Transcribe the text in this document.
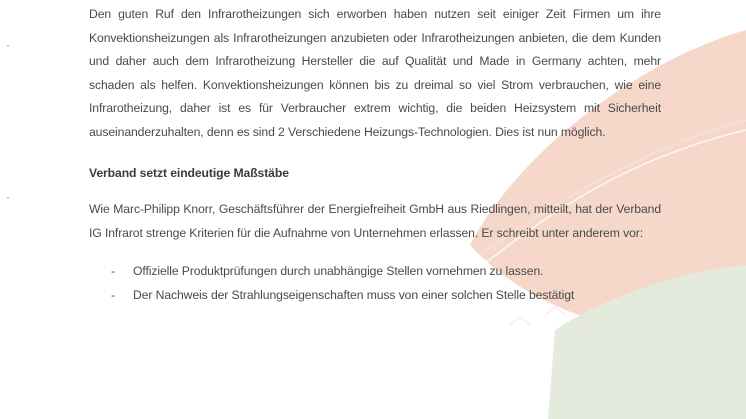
Den guten Ruf den Infrarotheizungen sich erworben haben nutzen seit einiger Zeit Firmen um ihre Konvektionsheizungen als Infrarotheizungen anzubieten oder Infrarotheizungen anbieten, die dem Kunden und daher auch dem Infrarotheizung Hersteller die auf Qualität und Made in Germany achten, mehr schaden als helfen. Konvektionsheizungen können bis zu dreimal so viel Strom verbrauchen, wie eine Infrarotheizung, daher ist es für Verbraucher extrem wichtig, die beiden Heizsystem mit Sicherheit auseinanderzuhalten, denn es sind 2 Verschiedene Heizungs-Technologien. Dies ist nun möglich.

Verband setzt eindeutige Maßstäbe

Wie Marc-Philipp Knorr, Geschäftsführer der Energiefreiheit GmbH aus Riedlingen, mitteilt, hat der Verband IG Infrarot strenge Kriterien für die Aufnahme von Unternehmen erlassen. Er schreibt unter anderem vor:

- Offizielle Produktprüfungen durch unabhängige Stellen vornehmen zu lassen.
- Der Nachweis der Strahlungseigenschaften muss von einer solchen Stelle bestätigt
